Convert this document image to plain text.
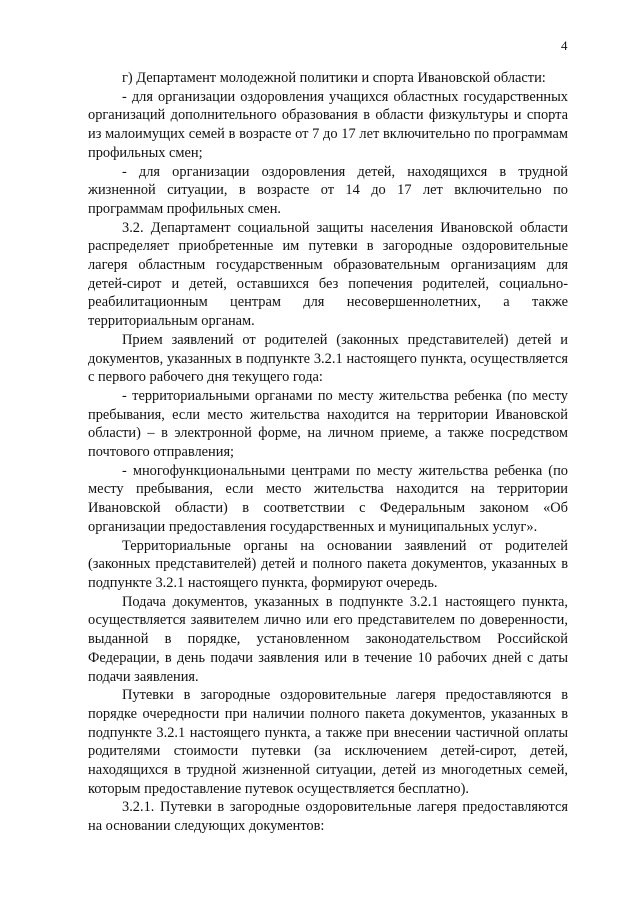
4

г) Департамент молодежной политики и спорта Ивановской области:

- для организации оздоровления учащихся областных государственных организаций дополнительного образования в области физкультуры и спорта из малоимущих семей в возрасте от 7 до 17 лет включительно по программам профильных смен;

- для организации оздоровления детей, находящихся в трудной жизненной ситуации, в возрасте от 14 до 17 лет включительно по программам профильных смен.

3.2. Департамент социальной защиты населения Ивановской области распределяет приобретенные им путевки в загородные оздоровительные лагеря областным государственным образовательным организациям для детей-сирот и детей, оставшихся без попечения родителей, социально-реабилитационным центрам для несовершеннолетних, а также территориальным органам.

Прием заявлений от родителей (законных представителей) детей и документов, указанных в подпункте 3.2.1 настоящего пункта, осуществляется с первого рабочего дня текущего года:

- территориальными органами по месту жительства ребенка (по месту пребывания, если место жительства находится на территории Ивановской области) – в электронной форме, на личном приеме, а также посредством почтового отправления;

- многофункциональными центрами по месту жительства ребенка (по месту пребывания, если место жительства находится на территории Ивановской области) в соответствии с Федеральным законом «Об организации предоставления государственных и муниципальных услуг».

Территориальные органы на основании заявлений от родителей (законных представителей) детей и полного пакета документов, указанных в подпункте 3.2.1 настоящего пункта, формируют очередь.

Подача документов, указанных в подпункте 3.2.1 настоящего пункта, осуществляется заявителем лично или его представителем по доверенности, выданной в порядке, установленном законодательством Российской Федерации, в день подачи заявления или в течение 10 рабочих дней с даты подачи заявления.

Путевки в загородные оздоровительные лагеря предоставляются в порядке очередности при наличии полного пакета документов, указанных в подпункте 3.2.1 настоящего пункта, а также при внесении частичной оплаты родителями стоимости путевки (за исключением детей-сирот, детей, находящихся в трудной жизненной ситуации, детей из многодетных семей, которым предоставление путевок осуществляется бесплатно).

3.2.1. Путевки в загородные оздоровительные лагеря предоставляются на основании следующих документов:
